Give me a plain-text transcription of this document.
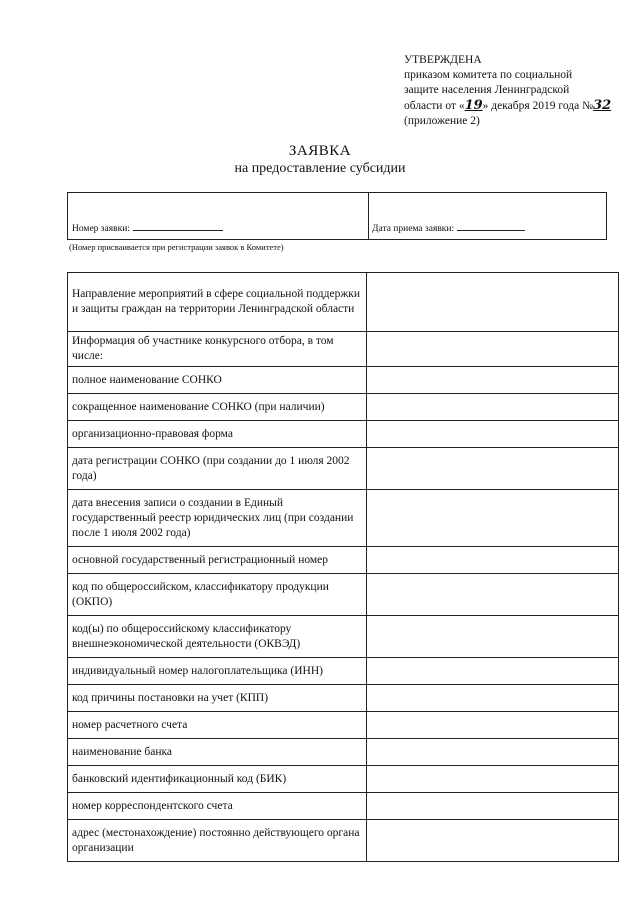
УТВЕРЖДЕНА
приказом комитета по социальной
защите населения Ленинградской
области от «19» декабря 2019 года №32
(приложение 2)
ЗАЯВКА
на предоставление субсидии
Номер заявки:	Дата приема заявки:
(Номер присваивается при регистрации заявок в Комитете)
Направление мероприятий в сфере социальной поддержки и защиты граждан на территории Ленинградской области	
Информация об участнике конкурсного отбора, в том числе:	
полное наименование СОНКО	
сокращенное наименование СОНКО (при наличии)	
организационно-правовая форма	
дата регистрации СОНКО (при создании до 1 июля 2002 года)	
дата внесения записи о создании в Единый государственный реестр юридических лиц (при создании после 1 июля 2002 года)	
основной государственный регистрационный номер	
код по общероссийском, классификатору продукции (ОКПО)	
код(ы) по общероссийскому классификатору внешнеэкономической деятельности (ОКВЭД)	
индивидуальный номер налогоплательщика (ИНН)	
код причины постановки на учет (КПП)	
номер расчетного счета	
наименование банка	
банковский идентификационный код (БИК)	
номер корреспондентского счета	
адрес (местонахождение) постоянно действующего органа организации	
